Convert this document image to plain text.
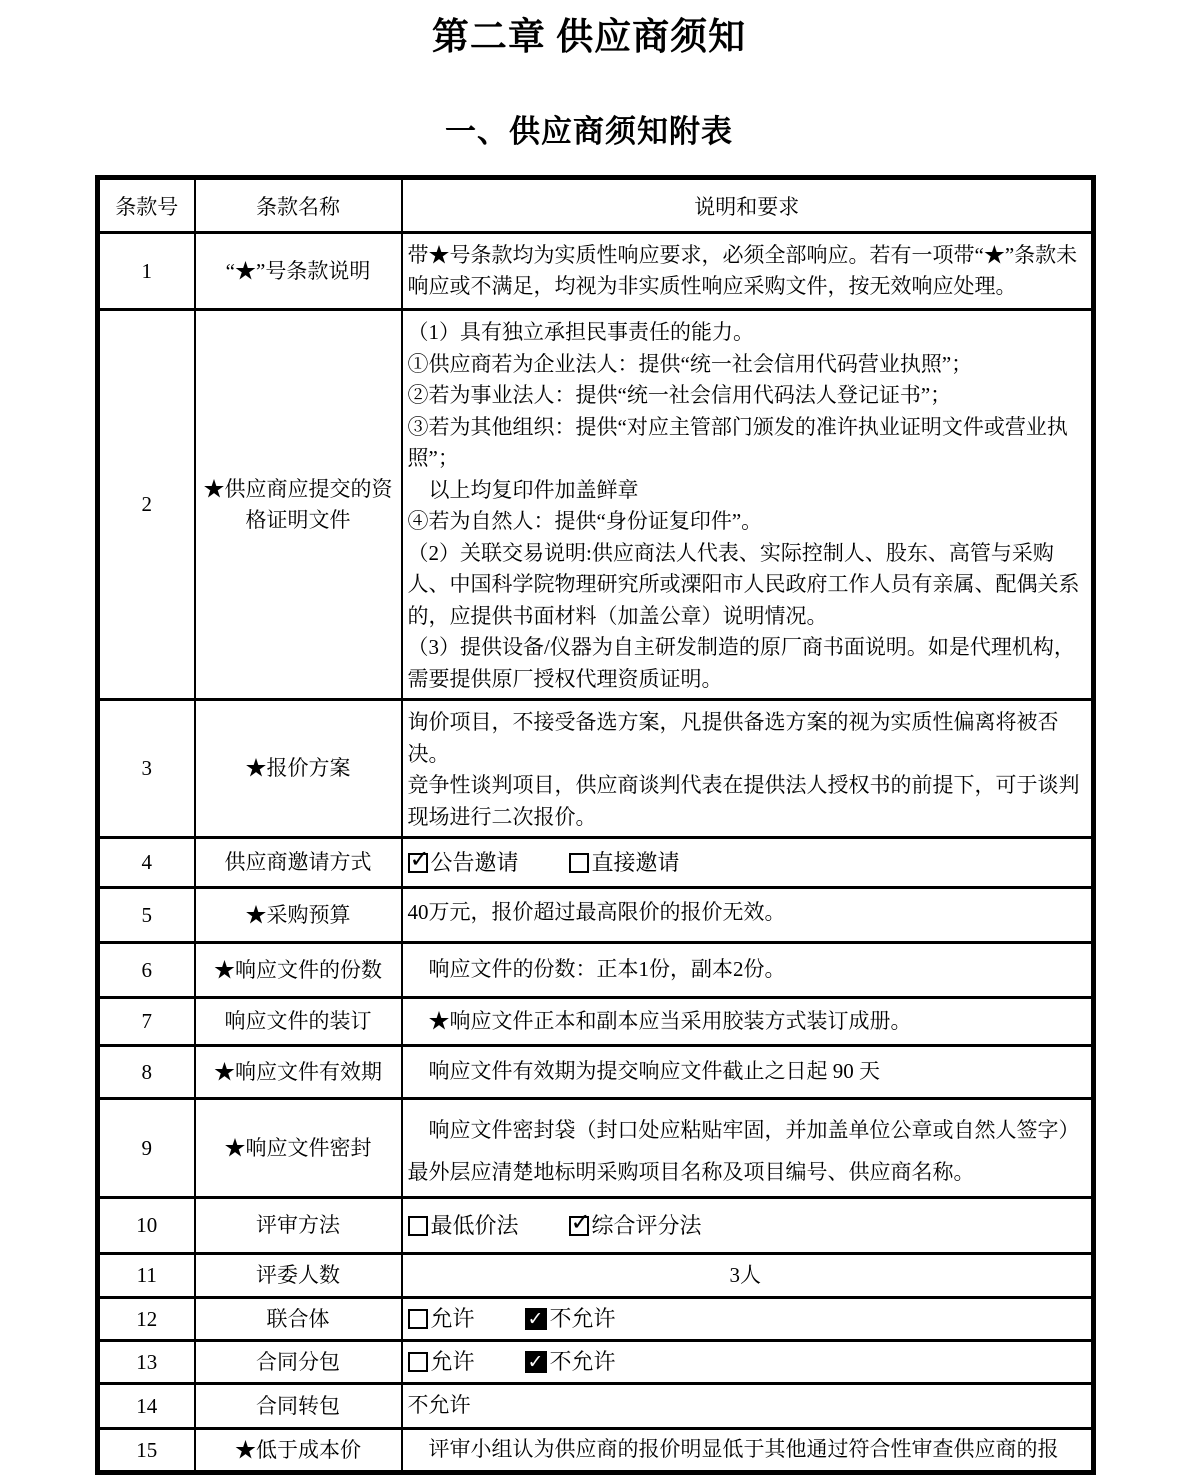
第二章 供应商须知
一、供应商须知附表
条款号	条款名称	说明和要求
1	“★”号条款说明	带★号条款均为实质性响应要求，必须全部响应。若有一项带“★”条款未响应或不满足，均视为非实质性响应采购文件，按无效响应处理。

2	★供应商应提交的资格证明文件	
（1）具有独立承担民事责任的能力。
①供应商若为企业法人：提供“统一社会信用代码营业执照”；
②若为事业法人：提供“统一社会信用代码法人登记证书”；
③若为其他组织：提供“对应主管部门颁发的准许执业证明文件或营业执照”；
　以上均复印件加盖鲜章
④若为自然人：提供“身份证复印件”。
（2）关联交易说明:供应商法人代表、实际控制人、股东、高管与采购人、中国科学院物理研究所或溧阳市人民政府工作人员有亲属、配偶关系的，应提供书面材料（加盖公章）说明情况。
（3）提供设备/仪器为自主研发制造的原厂商书面说明。如是代理机构，需要提供原厂授权代理资质证明。

3	★报价方案	询价项目，不接受备选方案，凡提供备选方案的视为实质性偏离将被否决。
竞争性谈判项目，供应商谈判代表在提供法人授权书的前提下，可于谈判现场进行二次报价。

4	供应商邀请方式	✓ 公告邀请 直接邀请
5	★采购预算	40万元，报价超过最高限价的报价无效。

6	★响应文件的份数	　响应文件的份数：正本1份，副本2份。

7	响应文件的装订	　★响应文件正本和副本应当采用胶装方式装订成册。

8	★响应文件有效期	　响应文件有效期为提交响应文件截止之日起 90 天

9	★响应文件密封	　响应文件密封袋（封口处应粘贴牢固，并加盖单位公章或自然人签字）
最外层应清楚地标明采购项目名称及项目编号、供应商名称。

10	评审方法	最低价法 ✓ 综合评分法
11	评委人数	3人

12	联合体	允许 ✓ 不允许
13	合同分包	允许 ✓ 不允许
14	合同转包	不允许

15	★低于成本价	　评审小组认为供应商的报价明显低于其他通过符合性审查供应商的报
